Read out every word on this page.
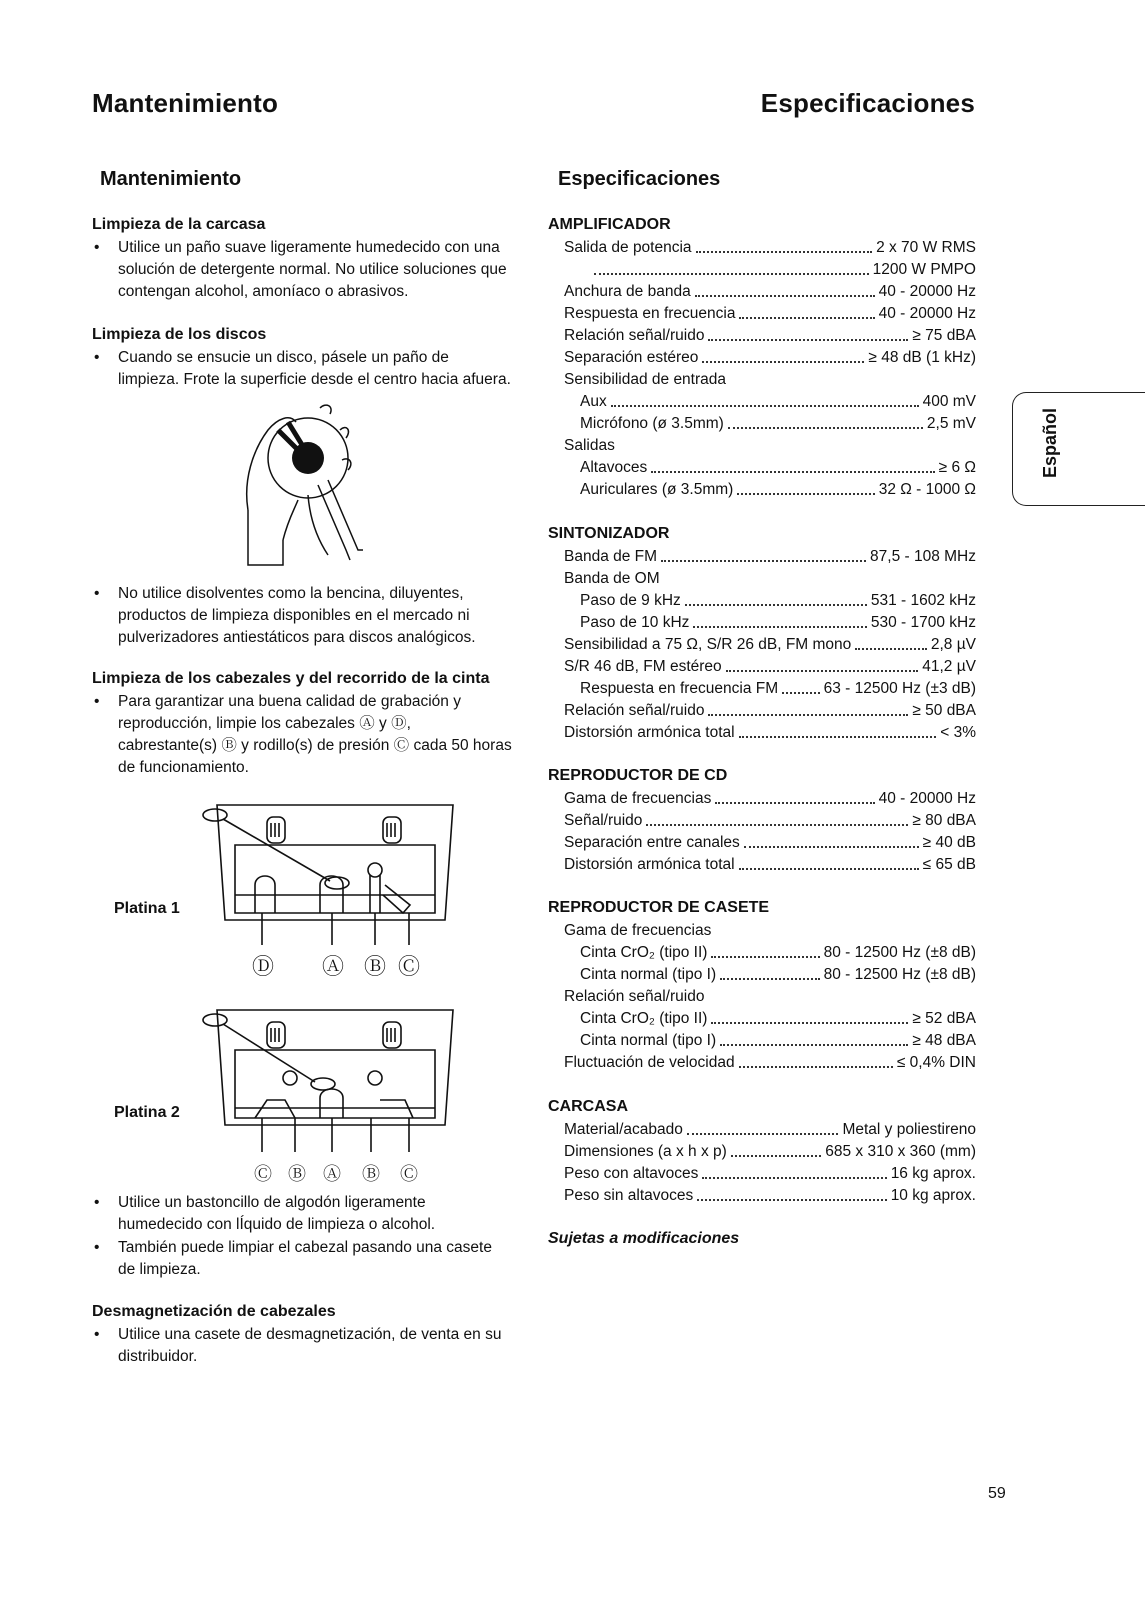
Mantenimiento	Especificaciones
Mantenimiento
Limpieza de la carcasa
•	Utilice un paño suave ligeramente humedecido con una solución de detergente normal. No utilice soluciones que contengan alcohol, amoníaco o abrasivos.
Limpieza de los discos
•	Cuando se ensucie un disco, pásele un paño de limpieza. Frote la superficie desde el centro hacia afuera.
•	No utilice disolventes como la bencina, diluyentes, productos de limpieza disponibles en el mercado ni pulverizadores antiestáticos para discos analógicos.
Limpieza de los cabezales y del recorrido de la cinta
•	Para garantizar una buena calidad de grabación y reproducción, limpie los cabezales Ⓐ y Ⓓ, cabrestante(s) Ⓑ y rodillo(s) de presión Ⓒ cada 50 horas de funcionamiento.
Platina 1
Platina 2
•	Utilice un bastoncillo de algodón ligeramente humedecido con lÍquido de limpieza o alcohol.
•	También puede limpiar el cabezal pasando una casete de limpieza.
Desmagnetización de cabezales
•	Utilice una casete de desmagnetización, de venta en su distribuidor.
Ⓓ Ⓐ Ⓑ Ⓒ
Ⓒ Ⓑ Ⓐ Ⓑ Ⓒ
Especificaciones
AMPLIFICADOR
Salida de potencia	2 x 70 W RMS
1200 W PMPO
Anchura de banda	40 - 20000 Hz
Respuesta en frecuencia	40 - 20000 Hz
Relación señal/ruido	≥ 75 dBA
Separación estéreo	≥ 48 dB (1 kHz)
Sensibilidad de entrada
Aux	400 mV
Micrófono (ø 3.5mm)	2,5 mV
Salidas
Altavoces	≥ 6 Ω
Auriculares (ø 3.5mm)	32 Ω - 1000 Ω
SINTONIZADOR
Banda de FM	87,5 - 108 MHz
Banda de OM
Paso de 9 kHz	531 - 1602 kHz
Paso de 10 kHz	530 - 1700 kHz
Sensibilidad a 75 Ω, S/R 26 dB, FM mono	2,8 µV
S/R 46 dB, FM estéreo	41,2 µV
Respuesta en frecuencia FM	63 - 12500 Hz (±3 dB)
Relación señal/ruido	≥ 50 dBA
Distorsión armónica total	< 3%
REPRODUCTOR DE CD
Gama de frecuencias	40 - 20000 Hz
Señal/ruido	≥ 80 dBA
Separación entre canales	≥ 40 dB
Distorsión armónica total	≤ 65 dB
REPRODUCTOR DE CASETE
Gama de frecuencias
Cinta CrO₂ (tipo II)	80 - 12500 Hz (±8 dB)
Cinta normal (tipo I)	80 - 12500 Hz (±8 dB)
Relación señal/ruido
Cinta CrO₂ (tipo II)	≥ 52 dBA
Cinta normal (tipo I)	≥ 48 dBA
Fluctuación de velocidad	≤ 0,4% DIN
CARCASA
Material/acabado	Metal y poliestireno
Dimensiones (a x h x p)	685 x 310 x 360 (mm)
Peso con altavoces	16 kg aprox.
Peso sin altavoces	10 kg aprox.
Sujetas a modificaciones
Español
59
